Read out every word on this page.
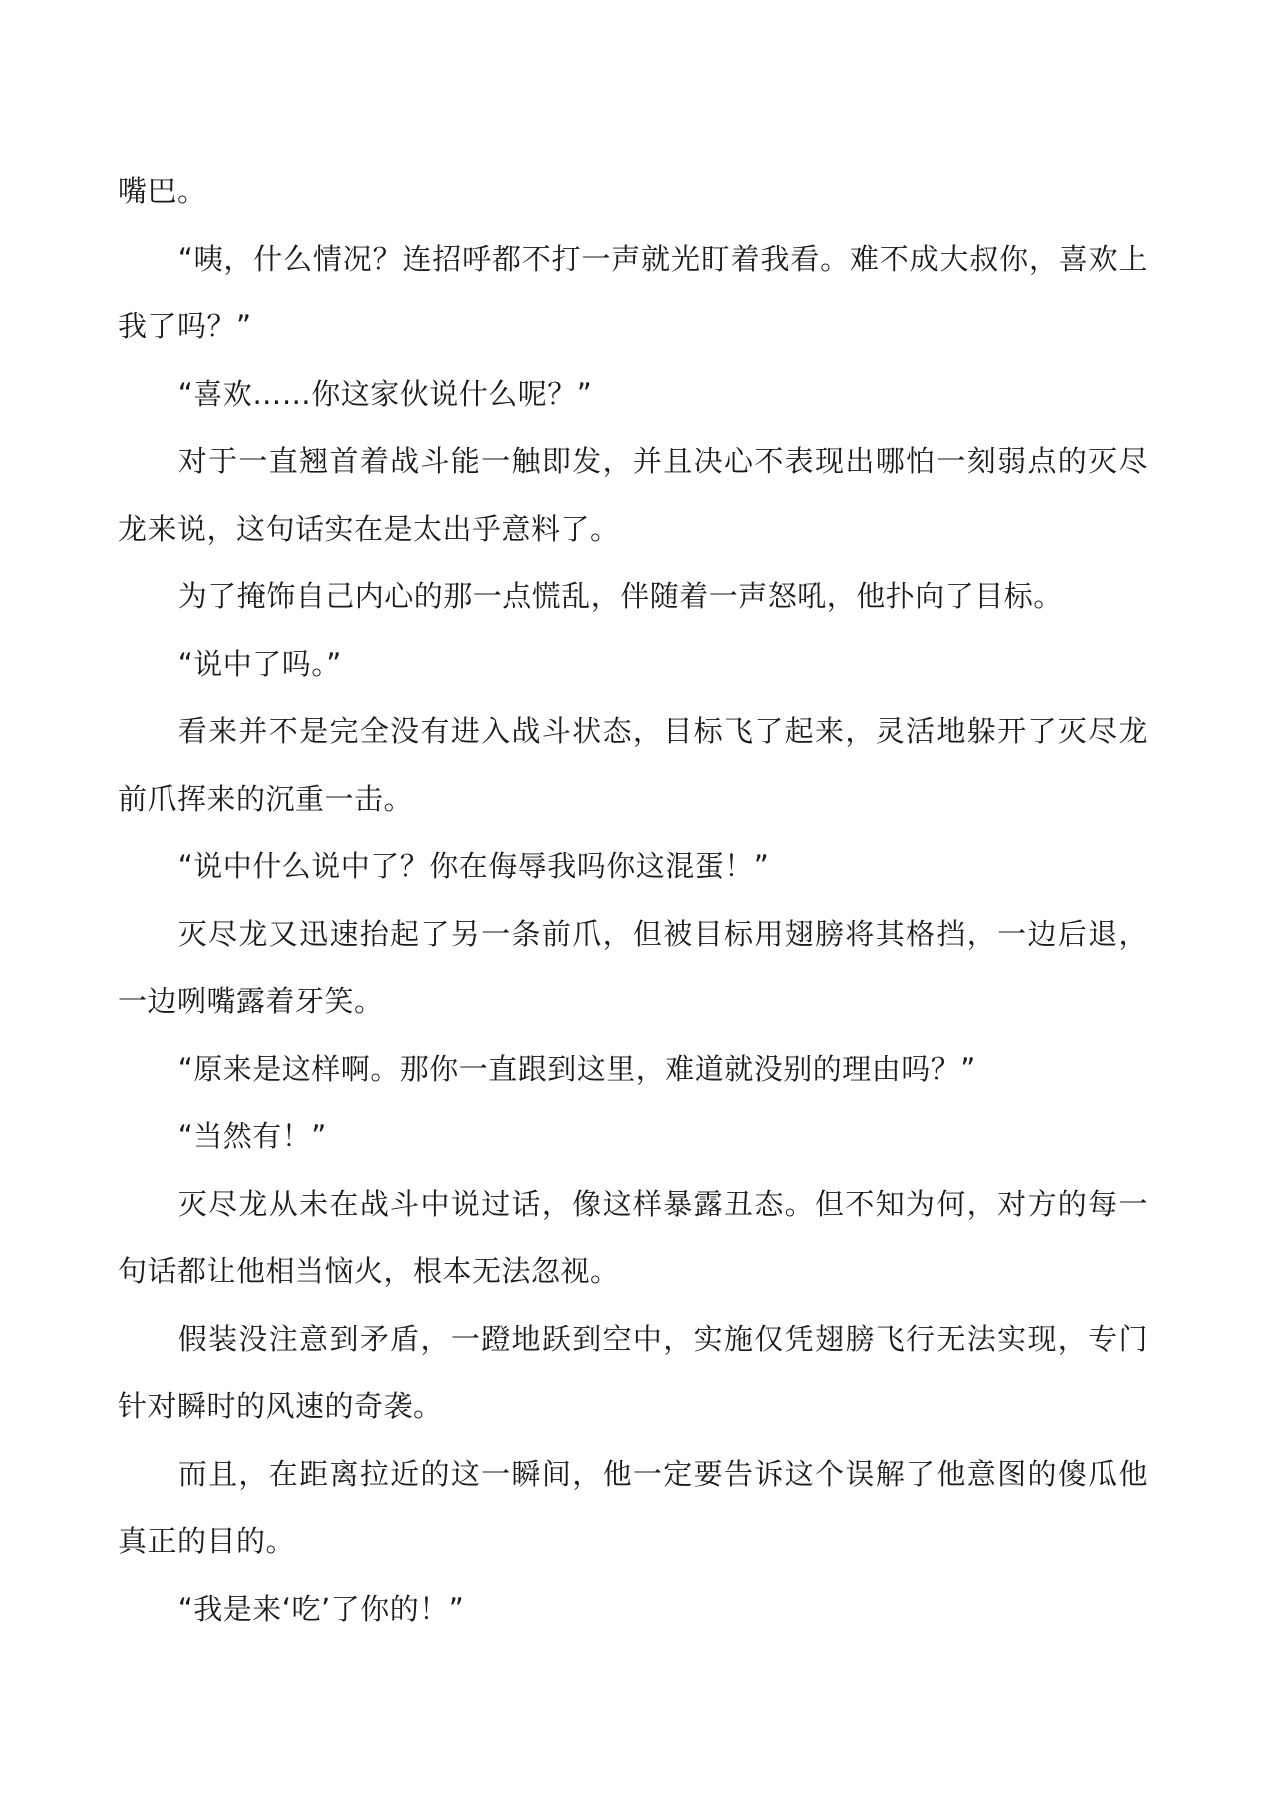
嘴巴。

“咦，什么情况？连招呼都不打一声就光盯着我看。难不成大叔你，喜欢上我了吗？”

“喜欢……你这家伙说什么呢？”

对于一直翘首着战斗能一触即发，并且决心不表现出哪怕一刻弱点的灭尽龙来说，这句话实在是太出乎意料了。

为了掩饰自己内心的那一点慌乱，伴随着一声怒吼，他扑向了目标。

“说中了吗。”

看来并不是完全没有进入战斗状态，目标飞了起来，灵活地躲开了灭尽龙前爪挥来的沉重一击。

“说中什么说中了？你在侮辱我吗你这混蛋！”

灭尽龙又迅速抬起了另一条前爪，但被目标用翅膀将其格挡，一边后退，一边咧嘴露着牙笑。

“原来是这样啊。那你一直跟到这里，难道就没别的理由吗？”

“当然有！”

灭尽龙从未在战斗中说过话，像这样暴露丑态。但不知为何，对方的每一句话都让他相当恼火，根本无法忽视。

假装没注意到矛盾，一蹬地跃到空中，实施仅凭翅膀飞行无法实现，专门针对瞬时的风速的奇袭。

而且，在距离拉近的这一瞬间，他一定要告诉这个误解了他意图的傻瓜他真正的目的。

“我是来‘吃’了你的！”
